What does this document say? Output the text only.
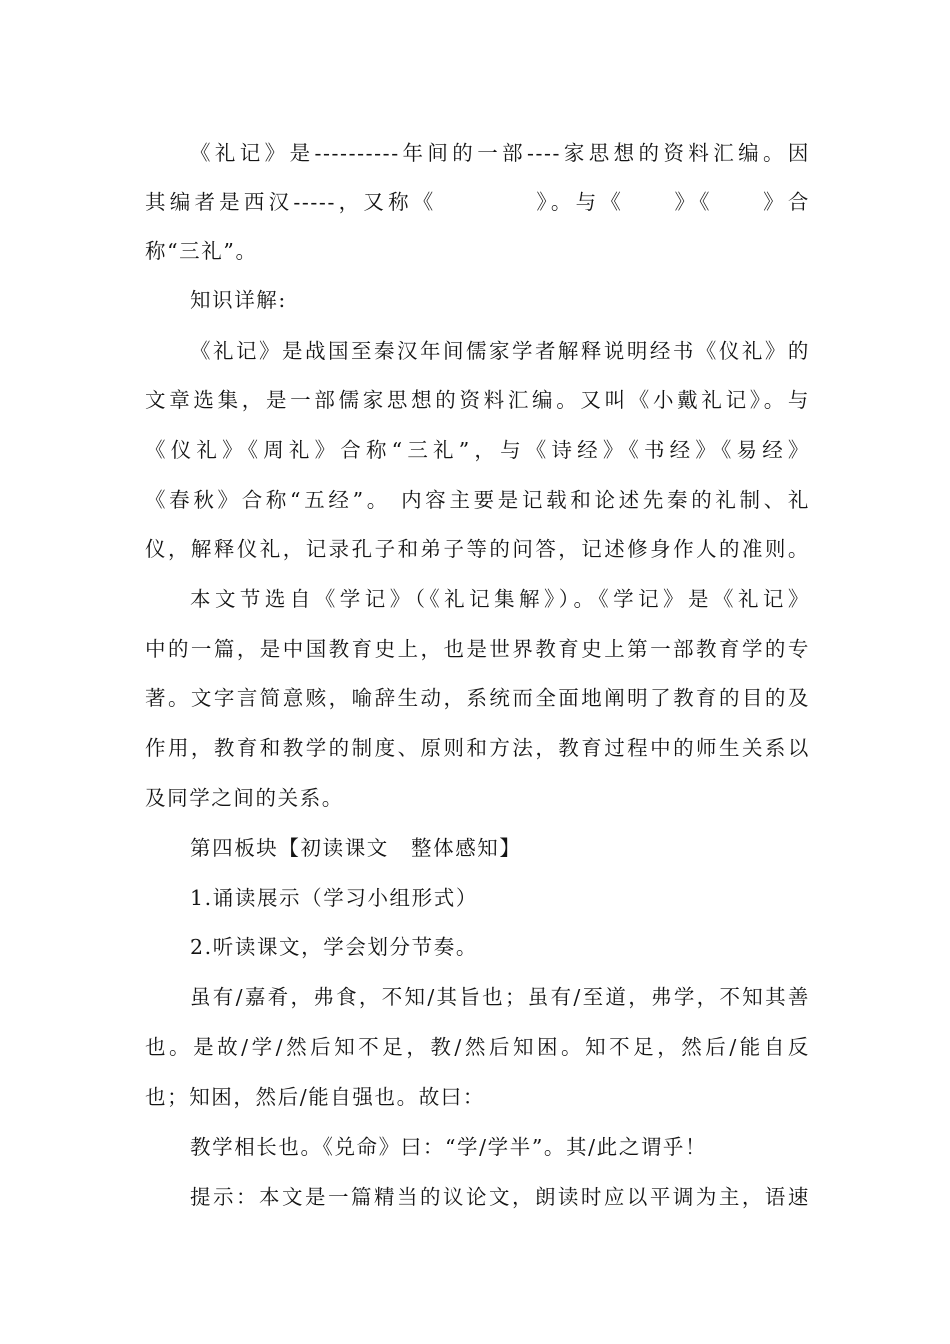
《礼记》是----------年间的一部----家思想的资料汇编。因
其编者是西汉-----，又称《　　　　》。与《　　》《　　》合
称“三礼”。
知识详解:
《礼记》是战国至秦汉年间儒家学者解释说明经书《仪礼》的
文章选集，是一部儒家思想的资料汇编。又叫《小戴礼记》。与
《仪礼》《周礼》合称“三礼”，与《诗经》《书经》《易经》
《春秋》合称“五经”。 内容主要是记载和论述先秦的礼制、礼
仪，解释仪礼，记录孔子和弟子等的问答，记述修身作人的准则。
本文节选自《学记》（《礼记集解》）。《学记》是《礼记》
中的一篇，是中国教育史上，也是世界教育史上第一部教育学的专
著。文字言简意赅，喻辞生动，系统而全面地阐明了教育的目的及
作用，教育和教学的制度、原则和方法，教育过程中的师生关系以
及同学之间的关系。
第四板块【初读课文　整体感知】
1.诵读展示（学习小组形式）
2.听读课文，学会划分节奏。
虽有/嘉肴，弗食，不知/其旨也；虽有/至道，弗学，不知其善
也。是故/学/然后知不足，教/然后知困。知不足，然后/能自反
也；知困，然后/能自强也。故曰：
教学相长也。《兑命》曰：“学/学半”。其/此之谓乎！
提示：本文是一篇精当的议论文，朗读时应以平调为主，语速
